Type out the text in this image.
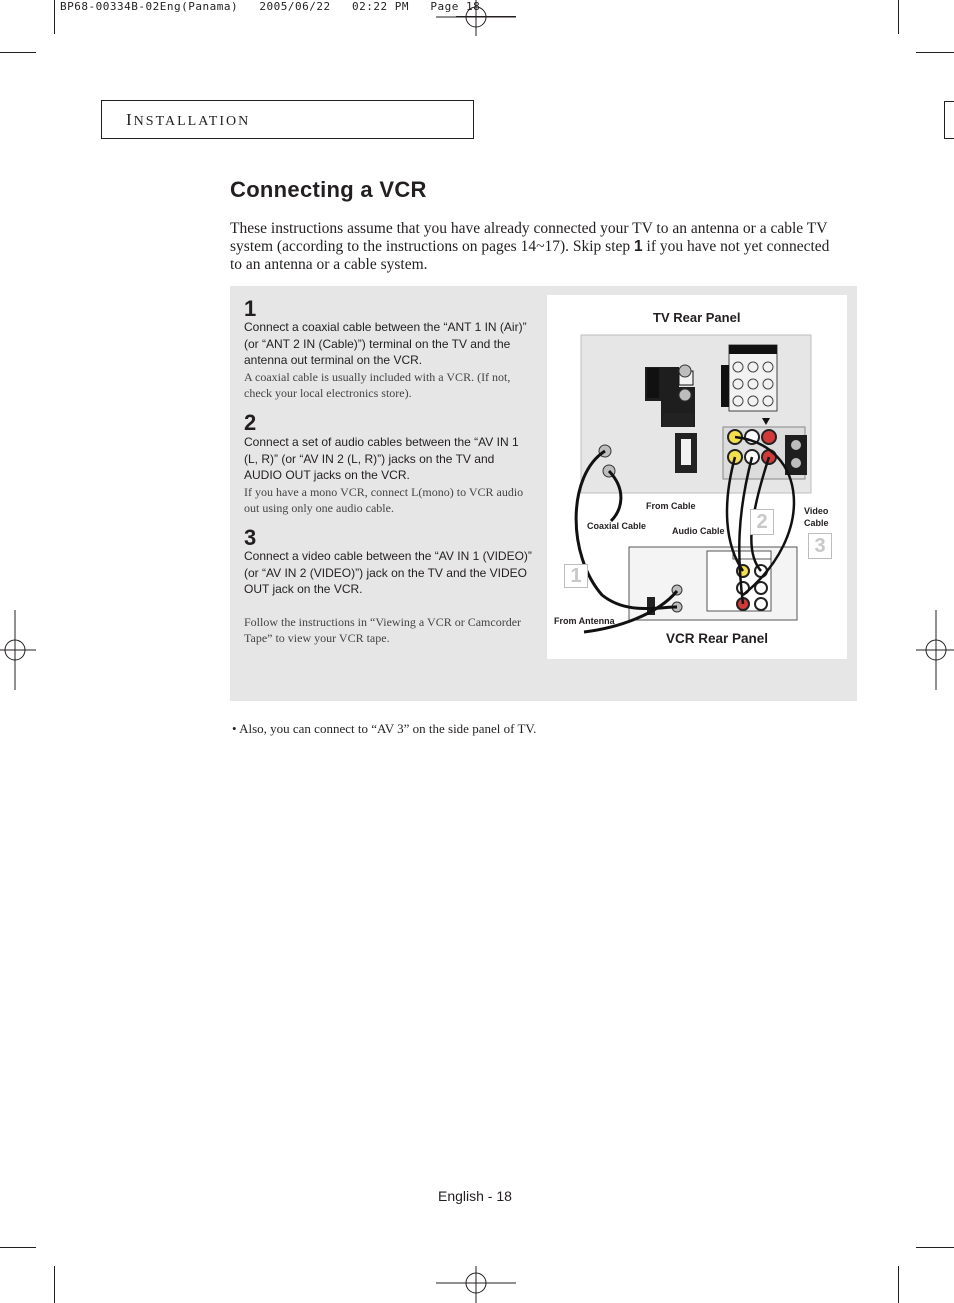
BP68-00334B-02Eng(Panama)   2005/06/22   02:22 PM   Page 18
INSTALLATION
Connecting a VCR
These instructions assume that you have already connected your TV to an antenna or a cable TV system (according to the instructions on pages 14~17). Skip step 1 if you have not yet connected to an antenna or a cable system.
1
Connect a coaxial cable between the “ANT 1 IN (Air)” (or “ANT 2 IN (Cable)”) terminal on the TV and the antenna out terminal on the VCR.
A coaxial cable is usually included with a VCR. (If not, check your local electronics store).
2
Connect a set of audio cables between the “AV IN 1 (L, R)” (or “AV IN 2 (L, R)”) jacks on the TV and AUDIO OUT jacks on the VCR.
If you have a mono VCR, connect L(mono) to VCR audio out using only one audio cable.
3
Connect a video cable between the “AV IN 1 (VIDEO)” (or “AV IN 2 (VIDEO)”) jack on the TV and the VIDEO OUT jack on the VCR.
Follow the instructions in “Viewing a VCR or Camcorder Tape” to view your VCR tape.
TV Rear Panel
VCR Rear Panel
From Cable
Coaxial Cable	Audio Cable
Video
Cable
From Antenna
1
2
3
• Also, you can connect to “AV 3” on the side panel of TV.
English - 18
